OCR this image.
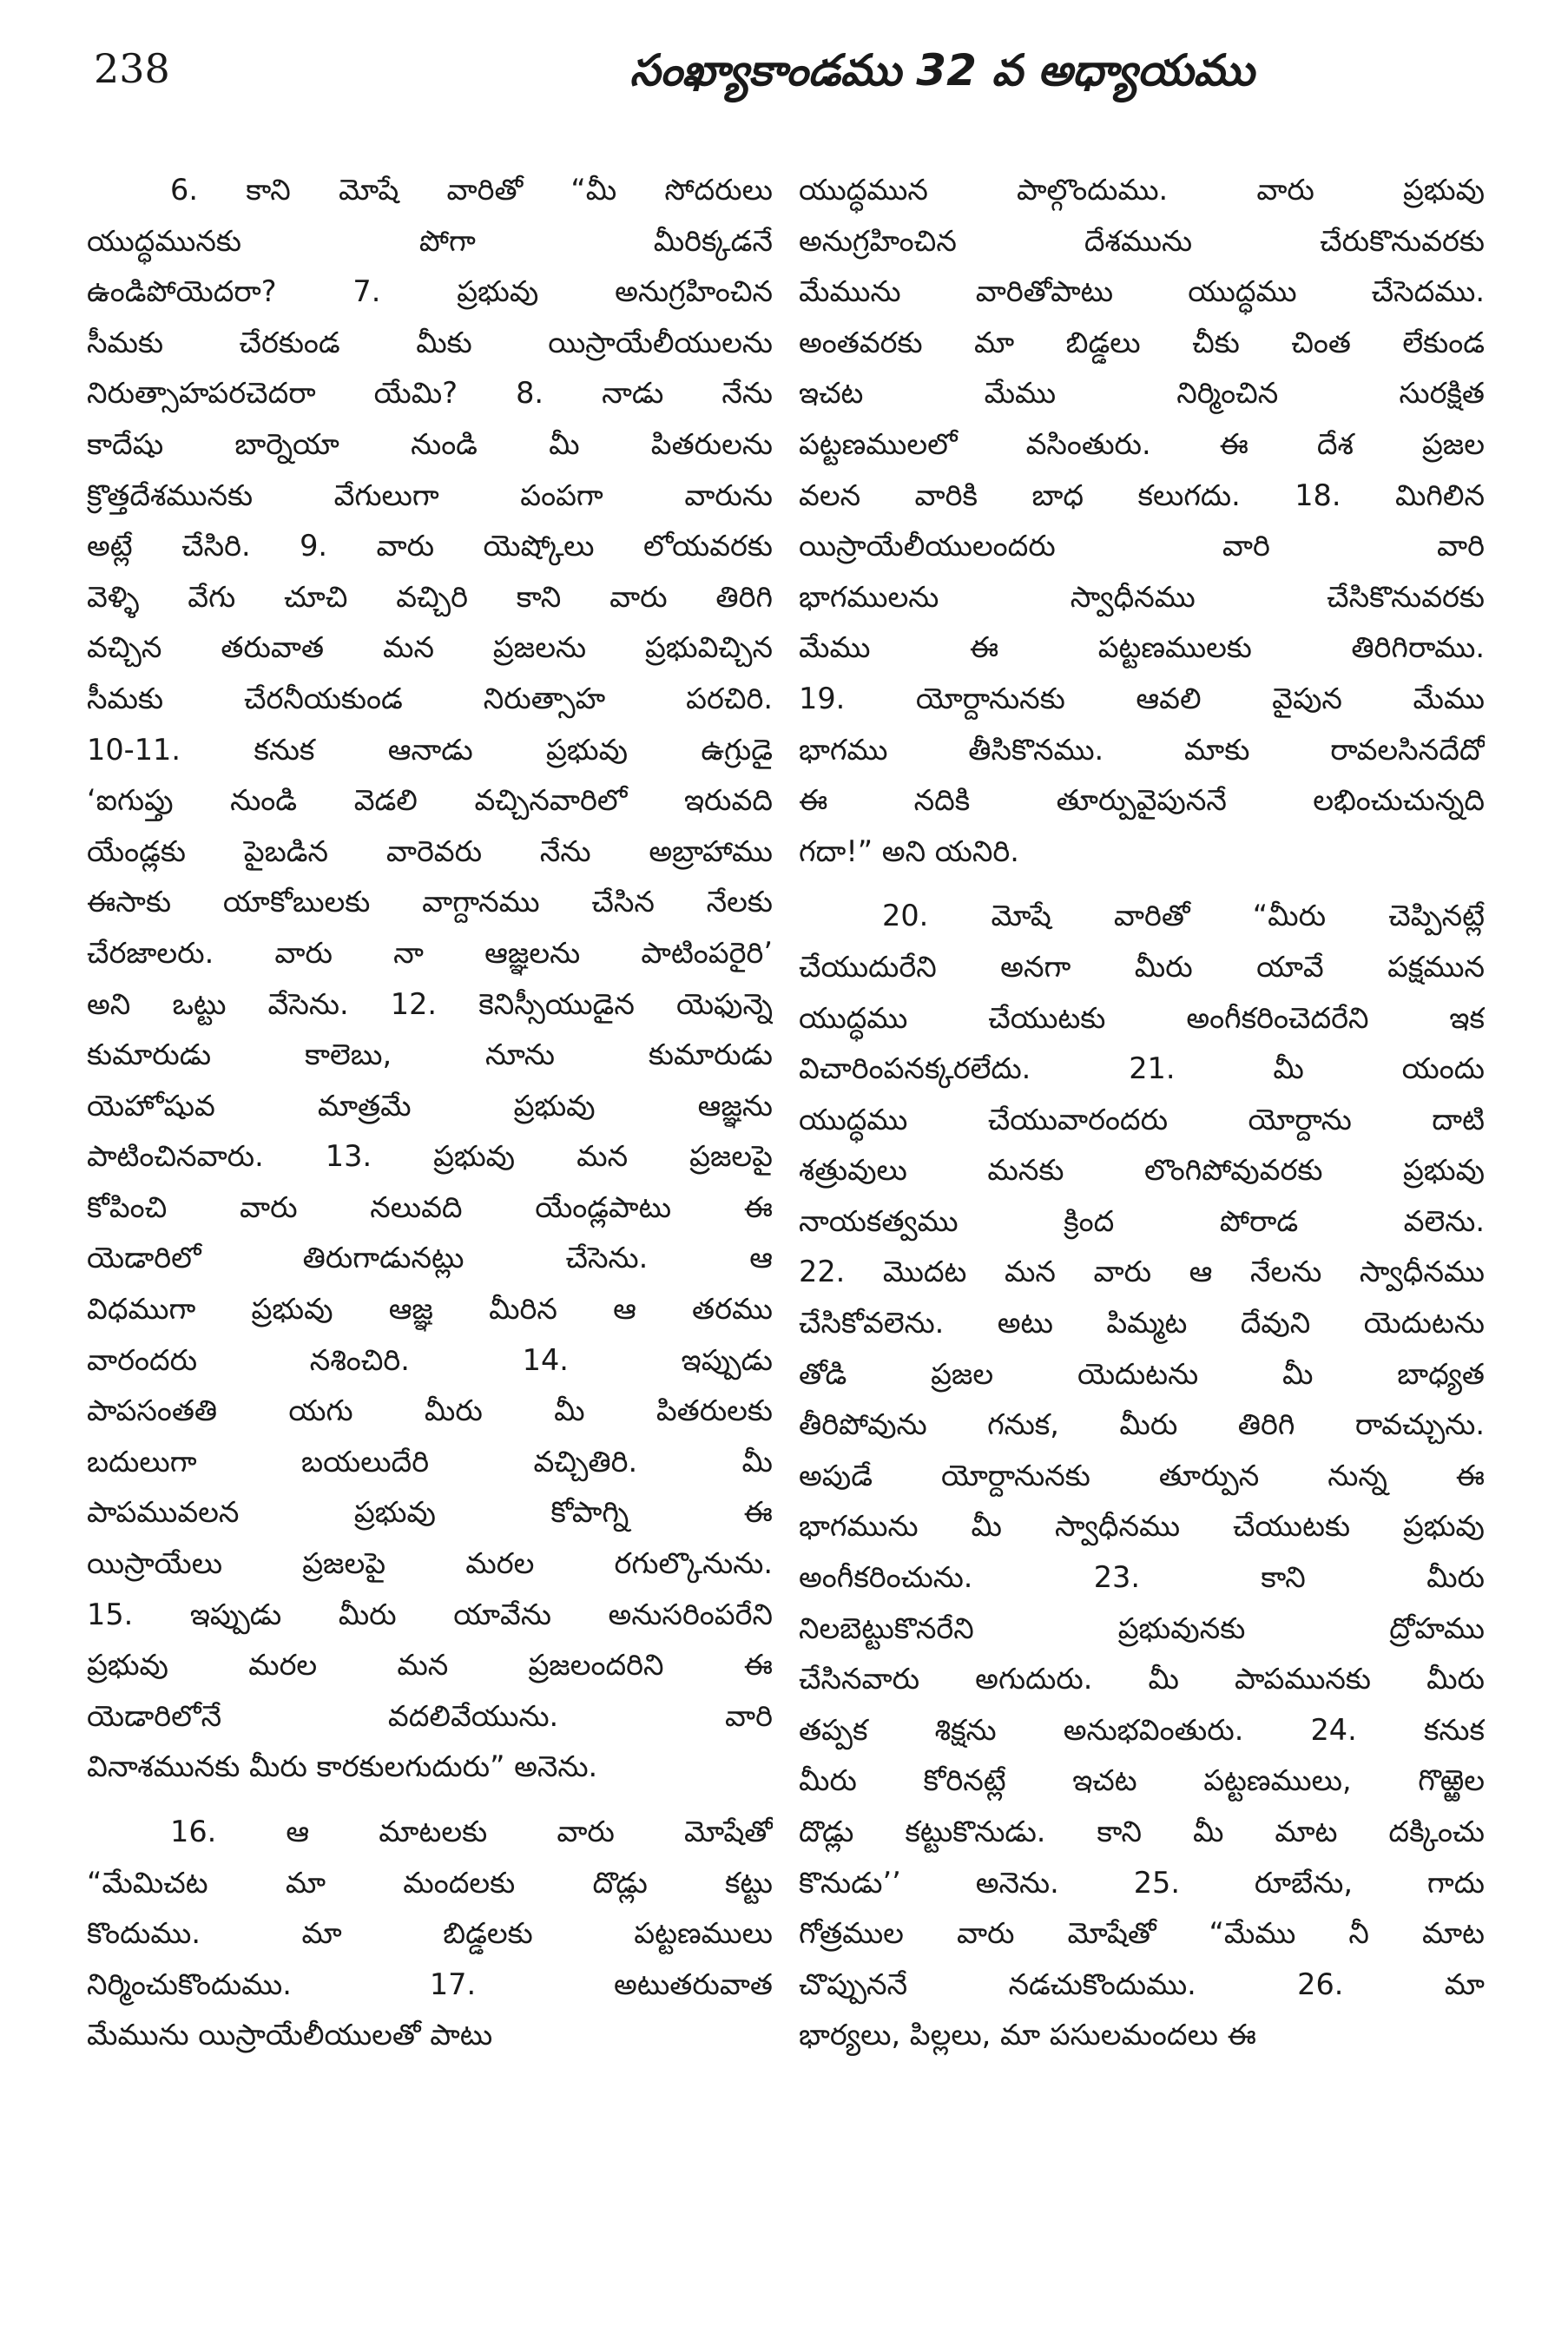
238	సంఖ్యాకాండము 32 వ అధ్యాయము
6. కాని మోషే వారితో “మీ సోదరులు
యుద్ధమునకు పోగా మీరిక్కడనే
ఉండిపోయెదరా? 7. ప్రభువు అనుగ్రహించిన
సీమకు చేరకుండ మీకు యిస్రాయేలీయులను
నిరుత్సాహపరచెదరా యేమి? 8. నాడు నేను
కాదేషు బార్నెయా నుండి మీ పితరులను
క్రొత్తదేశమునకు వేగులుగా పంపగా వారును
అట్లే చేసిరి. 9. వారు యెష్కోలు లోయవరకు
వెళ్ళి వేగు చూచి వచ్చిరి కాని వారు తిరిగి
వచ్చిన తరువాత మన ప్రజలను ప్రభువిచ్చిన
సీమకు చేరనీయకుండ నిరుత్సాహ పరచిరి.
10-11. కనుక ఆనాడు ప్రభువు ఉగ్రుడై
‘ఐగుప్తు నుండి వెడలి వచ్చినవారిలో ఇరువది
యేండ్లకు పైబడిన వారెవరు నేను అబ్రాహాము
ఈసాకు యాకోబులకు వాగ్దానము చేసిన నేలకు
చేరజాలరు. వారు నా ఆజ్ఞలను పాటింపరైరి’
అని ఒట్టు వేసెను. 12. కెనిస్సీయుడైన యెఫున్నె
కుమారుడు కాలెబు, నూను కుమారుడు
యెహోషువ మాత్రమే ప్రభువు ఆజ్ఞను
పాటించినవారు. 13. ప్రభువు మన ప్రజలపై
కోపించి వారు నలువది యేండ్లపాటు ఈ
యెడారిలో తిరుగాడునట్లు చేసెను. ఆ
విధముగా ప్రభువు ఆజ్ఞ మీరిన ఆ తరము
వారందరు నశించిరి. 14. ఇప్పుడు
పాపసంతతి యగు మీరు మీ పితరులకు
బదులుగా బయలుదేరి వచ్చితిరి. మీ
పాపమువలన ప్రభువు కోపాగ్ని ఈ
యిస్రాయేలు ప్రజలపై మరల రగుల్కొనును.
15. ఇప్పుడు మీరు యావేను అనుసరింపరేని
ప్రభువు మరల మన ప్రజలందరిని ఈ
యెడారిలోనే వదలివేయును. వారి
వినాశమునకు మీరు కారకులగుదురు” అనెను.
16. ఆ మాటలకు వారు మోషేతో
“మేమిచట మా మందలకు దొడ్లు కట్టు
కొందుము. మా బిడ్డలకు పట్టణములు
నిర్మించుకొందుము. 17. అటుతరువాత
మేమును యిస్రాయేలీయులతో పాటు
యుద్ధమున పాల్గొందుము. వారు ప్రభువు
అనుగ్రహించిన దేశమును చేరుకొనువరకు
మేమును వారితోపాటు యుద్ధము చేసెదము.
అంతవరకు మా బిడ్డలు చీకు చింత లేకుండ
ఇచట మేము నిర్మించిన సురక్షిత
పట్టణములలో వసింతురు. ఈ దేశ ప్రజల
వలన వారికి బాధ కలుగదు. 18. మిగిలిన
యిస్రాయేలీయులందరు వారి వారి
భాగములను స్వాధీనము చేసికొనువరకు
మేము ఈ పట్టణములకు తిరిగిరాము.
19. యోర్దానునకు ఆవలి వైపున మేము
భాగము తీసికొనము. మాకు రావలసినదేదో
ఈ నదికి తూర్పువైపుననే లభించుచున్నది
గదా!” అని యనిరి.
20. మోషే వారితో “మీరు చెప్పినట్లే
చేయుదురేని అనగా మీరు యావే పక్షమున
యుద్ధము చేయుటకు అంగీకరించెదరేని ఇక
విచారింపనక్కరలేదు. 21. మీ యందు
యుద్ధము చేయువారందరు యోర్దాను దాటి
శత్రువులు మనకు లొంగిపోవువరకు ప్రభువు
నాయకత్వము క్రింద పోరాడ వలెను.
22. మొదట మన వారు ఆ నేలను స్వాధీనము
చేసికోవలెను. అటు పిమ్మట దేవుని యెదుటను
తోడి ప్రజల యెదుటను మీ బాధ్యత
తీరిపోవును గనుక, మీరు తిరిగి రావచ్చును.
అపుడే యోర్దానునకు తూర్పున నున్న ఈ
భాగమును మీ స్వాధీనము చేయుటకు ప్రభువు
అంగీకరించును. 23. కాని మీరు
నిలబెట్టుకొనరేని ప్రభువునకు ద్రోహము
చేసినవారు అగుదురు. మీ పాపమునకు మీరు
తప్పక శిక్షను అనుభవింతురు. 24. కనుక
మీరు కోరినట్లే ఇచట పట్టణములు, గొఱ్ఱెల
దొడ్లు కట్టుకొనుడు. కాని మీ మాట దక్కించు
కొనుడు’’ అనెను. 25. రూబేను, గాదు
గోత్రముల వారు మోషేతో “మేము నీ మాట
చొప్పుననే నడచుకొందుము. 26. మా
భార్యలు, పిల్లలు, మా పసులమందలు ఈ
